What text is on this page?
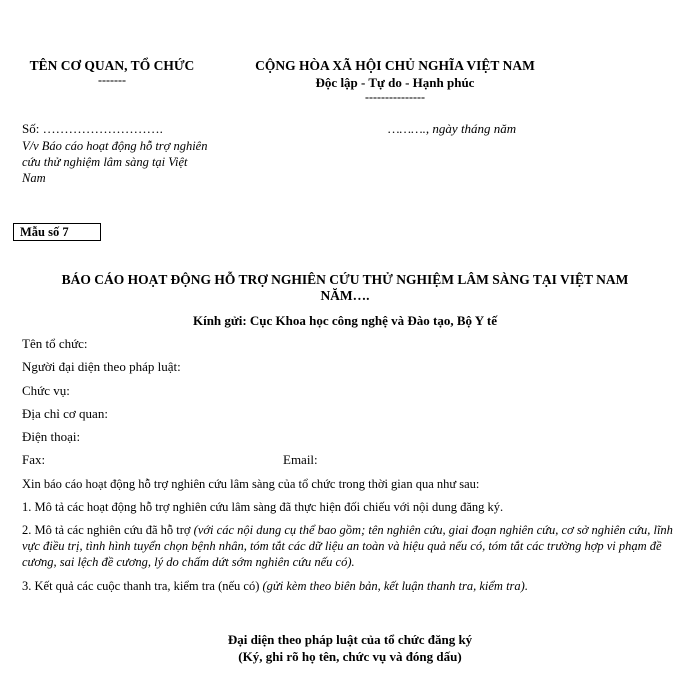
TÊN CƠ QUAN, TỔ CHỨC
-------
CỘNG HÒA XÃ HỘI CHỦ NGHĨA VIỆT NAM
Độc lập - Tự do - Hạnh phúc
---------------
Số: ……………………….	………., ngày tháng năm
V/v Báo cáo hoạt động hỗ trợ nghiên cứu thử nghiệm lâm sàng tại Việt Nam
Mẫu số 7
BÁO CÁO HOẠT ĐỘNG HỖ TRỢ NGHIÊN CỨU THỬ NGHIỆM LÂM SÀNG TẠI VIỆT NAM
NĂM….
Kính gửi: Cục Khoa học công nghệ và Đào tạo, Bộ Y tế
Tên tổ chức:
Người đại diện theo pháp luật:
Chức vụ:
Địa chỉ cơ quan:
Điện thoại:
Fax:	Email:
Xin báo cáo hoạt động hỗ trợ nghiên cứu lâm sàng của tổ chức trong thời gian qua như sau:
1. Mô tả các hoạt động hỗ trợ nghiên cứu lâm sàng đã thực hiện đối chiếu với nội dung đăng ký.
2. Mô tả các nghiên cứu đã hỗ trợ (với các nội dung cụ thể bao gồm; tên nghiên cứu, giai đoạn nghiên cứu, cơ sở nghiên cứu, lĩnh vực điều trị, tình hình tuyển chọn bệnh nhân, tóm tắt các dữ liệu an toàn và hiệu quả nếu có, tóm tắt các trường hợp vi phạm đề cương, sai lệch đề cương, lý do chấm dứt sớm nghiên cứu nếu có).
3. Kết quả các cuộc thanh tra, kiểm tra (nếu có) (gửi kèm theo biên bản, kết luận thanh tra, kiểm tra).
Đại diện theo pháp luật của tổ chức đăng ký
(Ký, ghi rõ họ tên, chức vụ và đóng dấu)
